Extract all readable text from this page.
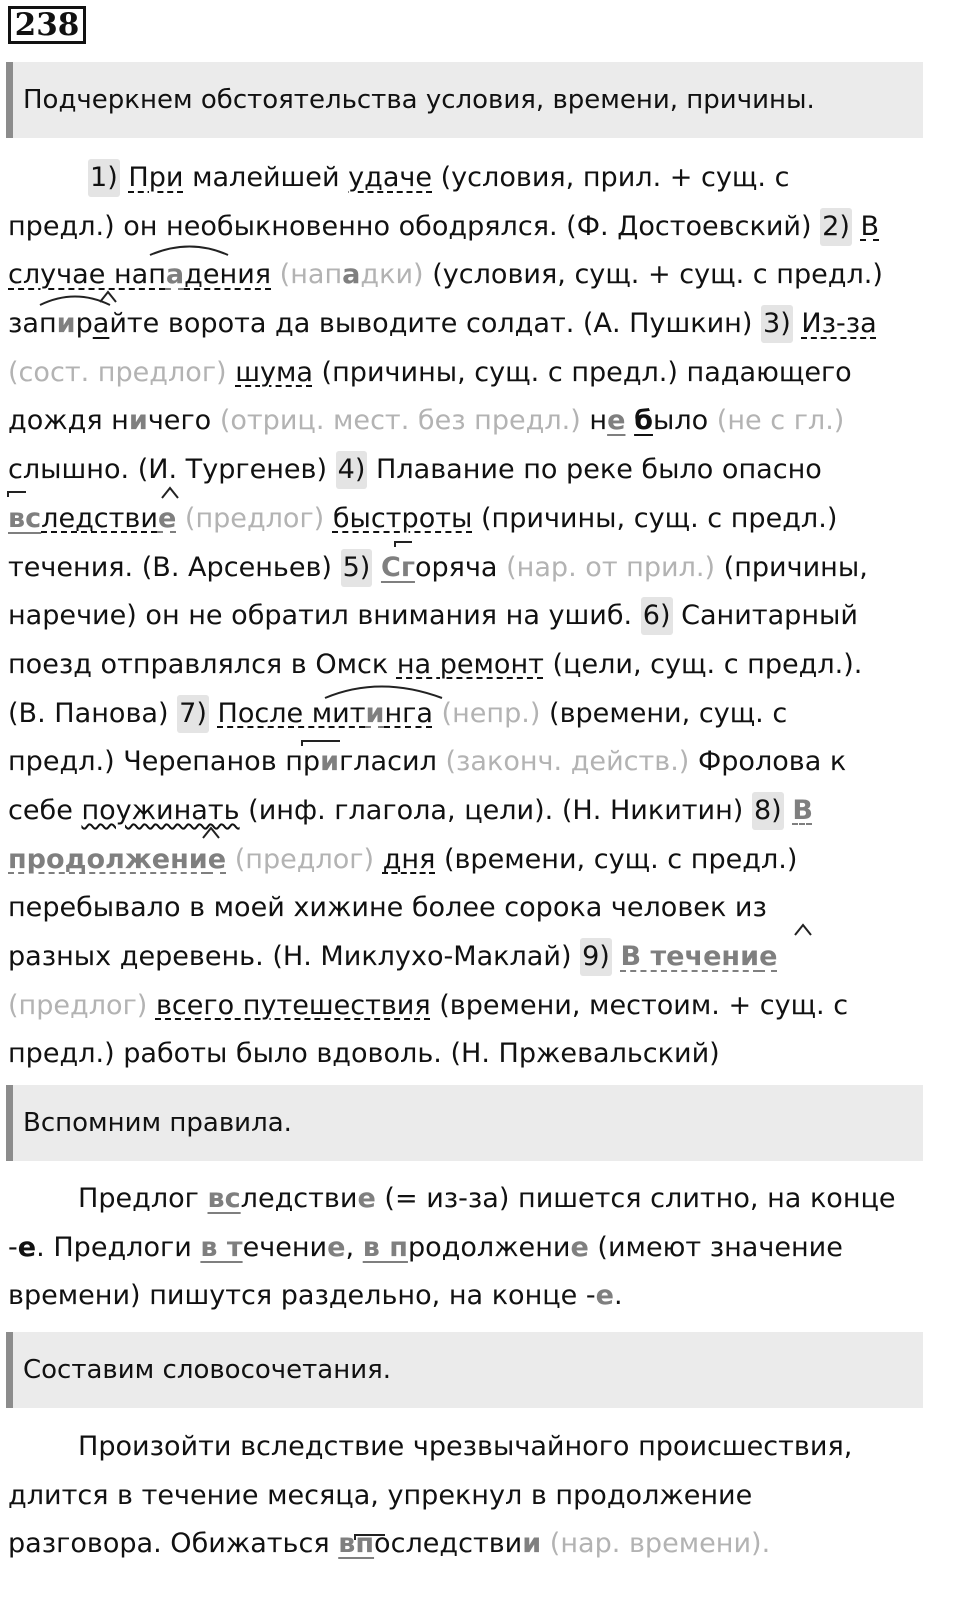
238
Подчеркнем обстоятельства условия, времени, причины.
1) При малейшей удаче (условия, прил. + сущ. с
предл.) он необыкновенно ободрялся. (Ф. Достоевский) 2) В
случае нападения (нападки) (условия, сущ. + сущ. с предл.)
запирайте ворота да выводите солдат. (А. Пушкин) 3) Из-за
(сост. предлог) шума (причины, сущ. с предл.) падающего
дождя ничего (отриц. мест. без предл.) не было (не с гл.)
слышно. (И. Тургенев) 4) Плавание по реке было опасно
вследствие (предлог) быстроты (причины, сущ. с предл.)
течения. (В. Арсеньев) 5) Сгоряча (нар. от прил.) (причины,
наречие) он не обратил внимания на ушиб. 6) Санитарный
поезд отправлялся в Омск на ремонт (цели, сущ. с предл.).
(В. Панова) 7) После митинга (непр.) (времени, сущ. с
предл.) Черепанов пригласил (законч. действ.) Фролова к
себе поужинать (инф. глагола, цели). (Н. Никитин) 8) В
продолжение (предлог) дня (времени, сущ. с предл.)
перебывало в моей хижине более сорока человек из
разных деревень. (Н. Миклухо-Маклай) 9) В течение
(предлог) всего путешествия (времени, местоим. + сущ. с
предл.) работы было вдоволь. (Н. Пржевальский)
Вспомним правила.
Предлог вследствие (= из-за) пишется слитно, на конце
-е. Предлоги в течение, в продолжение (имеют значение
времени) пишутся раздельно, на конце -е.
Составим словосочетания.
Произойти вследствие чрезвычайного происшествия,
длится в течение месяца, упрекнул в продолжение
разговора. Обижаться впоследствии (нар. времени).
